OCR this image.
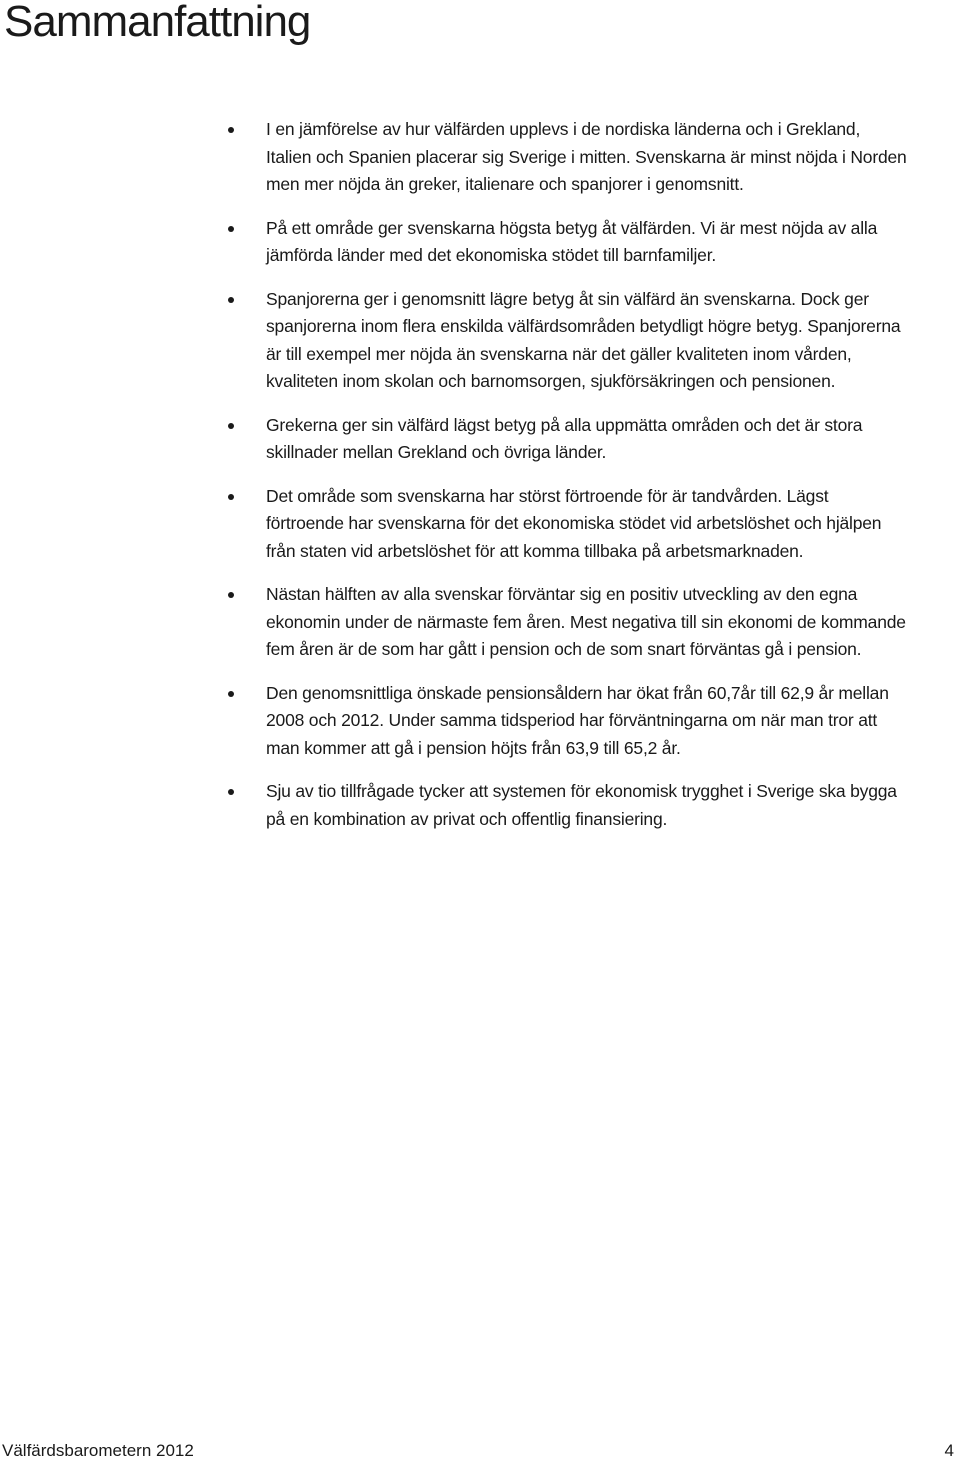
Sammanfattning
I en jämförelse av hur välfärden upplevs i de nordiska länderna och i Grekland, Italien och Spanien placerar sig Sverige i mitten. Svenskarna är minst nöjda i Norden men mer nöjda än greker, italienare och spanjorer i genomsnitt.
På ett område ger svenskarna högsta betyg åt välfärden. Vi är mest nöjda av alla jämförda länder med det ekonomiska stödet till barnfamiljer.
Spanjorerna ger i genomsnitt lägre betyg åt sin välfärd än svenskarna. Dock ger spanjorerna inom flera enskilda välfärdsområden betydligt högre betyg. Spanjorerna är till exempel mer nöjda än svenskarna när det gäller kvaliteten inom vården, kvaliteten inom skolan och barnomsorgen, sjukförsäkringen och pensionen.
Grekerna ger sin välfärd lägst betyg på alla uppmätta områden och det är stora skillnader mellan Grekland och övriga länder.
Det område som svenskarna har störst förtroende för är tandvården. Lägst förtroende har svenskarna för det ekonomiska stödet vid arbetslöshet och hjälpen från staten vid arbetslöshet för att komma tillbaka på arbetsmarknaden.
Nästan hälften av alla svenskar förväntar sig en positiv utveckling av den egna ekonomin under de närmaste fem åren. Mest negativa till sin ekonomi de kommande fem åren är de som har gått i pension och de som snart förväntas gå i pension.
Den genomsnittliga önskade pensionsåldern har ökat från 60,7år till 62,9 år mellan 2008 och 2012. Under samma tidsperiod har förväntningarna om när man tror att man kommer att gå i pension höjts från 63,9 till 65,2 år.
Sju av tio tillfrågade tycker att systemen för ekonomisk trygghet i Sverige ska bygga på en kombination av privat och offentlig finansiering.
Välfärdsbarometern 2012	4
